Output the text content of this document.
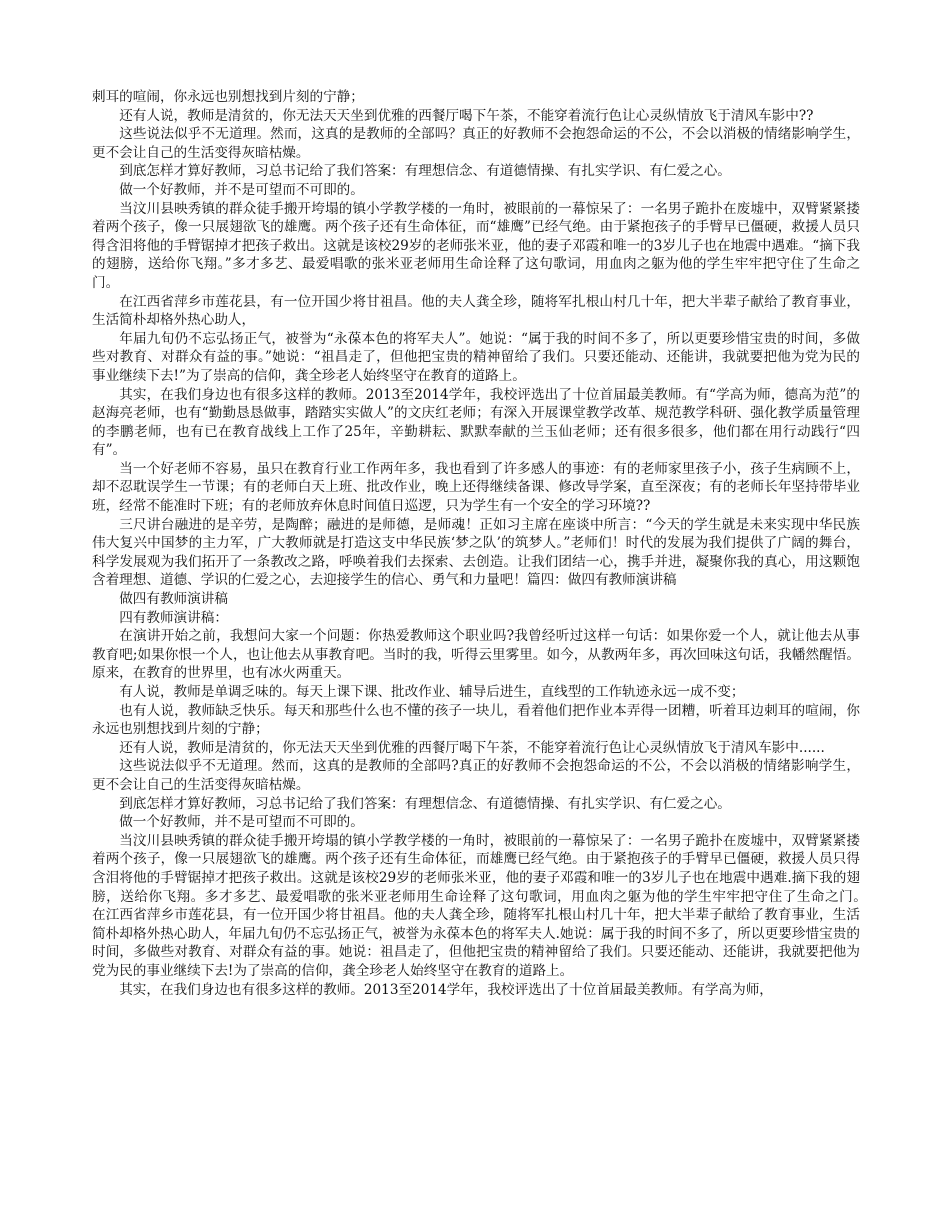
刺耳的喧闹，你永远也别想找到片刻的宁静；

还有人说，教师是清贫的，你无法天天坐到优雅的西餐厅喝下午茶，不能穿着流行色让心灵纵情放飞于清风车影中??

这些说法似乎不无道理。然而，这真的是教师的全部吗？真正的好教师不会抱怨命运的不公，不会以消极的情绪影响学生，更不会让自己的生活变得灰暗枯燥。

到底怎样才算好教师，习总书记给了我们答案：有理想信念、有道德情操、有扎实学识、有仁爱之心。

做一个好教师，并不是可望而不可即的。

当汶川县映秀镇的群众徒手搬开垮塌的镇小学教学楼的一角时，被眼前的一幕惊呆了：一名男子跪扑在废墟中，双臂紧紧搂着两个孩子，像一只展翅欲飞的雄鹰。两个孩子还有生命体征，而“雄鹰”已经气绝。由于紧抱孩子的手臂早已僵硬，救援人员只得含泪将他的手臂锯掉才把孩子救出。这就是该校29岁的老师张米亚，他的妻子邓霞和唯一的3岁儿子也在地震中遇难。“摘下我的翅膀，送给你飞翔。”多才多艺、最爱唱歌的张米亚老师用生命诠释了这句歌词，用血肉之躯为他的学生牢牢把守住了生命之门。

在江西省萍乡市莲花县，有一位开国少将甘祖昌。他的夫人龚全珍，随将军扎根山村几十年，把大半辈子献给了教育事业，生活简朴却格外热心助人，

年届九旬仍不忘弘扬正气，被誉为“永葆本色的将军夫人”。她说：“属于我的时间不多了，所以更要珍惜宝贵的时间，多做些对教育、对群众有益的事。”她说：“祖昌走了，但他把宝贵的精神留给了我们。只要还能动、还能讲，我就要把他为党为民的事业继续下去!”为了崇高的信仰，龚全珍老人始终坚守在教育的道路上。

其实，在我们身边也有很多这样的教师。2013至2014学年，我校评选出了十位首届最美教师。有“学高为师，德高为范”的赵海亮老师，也有“勤勤恳恳做事，踏踏实实做人”的文庆红老师；有深入开展课堂教学改革、规范教学科研、强化教学质量管理的李鹏老师，也有已在教育战线上工作了25年，辛勤耕耘、默默奉献的兰玉仙老师；还有很多很多，他们都在用行动践行“四有”。

当一个好老师不容易，虽只在教育行业工作两年多，我也看到了许多感人的事迹：有的老师家里孩子小，孩子生病顾不上，却不忍耽误学生一节课；有的老师白天上班、批改作业，晚上还得继续备课、修改导学案，直至深夜；有的老师长年坚持带毕业班，经常不能准时下班；有的老师放弃休息时间值日巡逻，只为学生有一个安全的学习环境??

三尺讲台融进的是辛劳，是陶醉；融进的是师德，是师魂！正如习主席在座谈中所言：“今天的学生就是未来实现中华民族伟大复兴中国梦的主力军，广大教师就是打造这支中华民族‘梦之队’的筑梦人。”老师们！时代的发展为我们提供了广阔的舞台，科学发展观为我们拓开了一条教改之路，呼唤着我们去探索、去创造。让我们团结一心，携手并进，凝聚你我的真心，用这颗饱含着理想、道德、学识的仁爱之心，去迎接学生的信心、勇气和力量吧！篇四：做四有教师演讲稿

做四有教师演讲稿

四有教师演讲稿：

在演讲开始之前，我想问大家一个问题：你热爱教师这个职业吗?我曾经听过这样一句话：如果你爱一个人，就让他去从事教育吧;如果你恨一个人，也让他去从事教育吧。当时的我，听得云里雾里。如今，从教两年多，再次回味这句话，我幡然醒悟。原来，在教育的世界里，也有冰火两重天。

有人说，教师是单调乏味的。每天上课下课、批改作业、辅导后进生，直线型的工作轨迹永远一成不变；

也有人说，教师缺乏快乐。每天和那些什么也不懂的孩子一块儿，看着他们把作业本弄得一团糟，听着耳边刺耳的喧闹，你永远也别想找到片刻的宁静；

还有人说，教师是清贫的，你无法天天坐到优雅的西餐厅喝下午茶，不能穿着流行色让心灵纵情放飞于清风车影中......

这些说法似乎不无道理。然而，这真的是教师的全部吗?真正的好教师不会抱怨命运的不公，不会以消极的情绪影响学生，更不会让自己的生活变得灰暗枯燥。

到底怎样才算好教师，习总书记给了我们答案：有理想信念、有道德情操、有扎实学识、有仁爱之心。

做一个好教师，并不是可望而不可即的。

当汶川县映秀镇的群众徒手搬开垮塌的镇小学教学楼的一角时，被眼前的一幕惊呆了：一名男子跪扑在废墟中，双臂紧紧搂着两个孩子，像一只展翅欲飞的雄鹰。两个孩子还有生命体征，而雄鹰已经气绝。由于紧抱孩子的手臂早已僵硬，救援人员只得含泪将他的手臂锯掉才把孩子救出。这就是该校29岁的老师张米亚，他的妻子邓霞和唯一的3岁儿子也在地震中遇难.摘下我的翅膀，送给你飞翔。多才多艺、最爱唱歌的张米亚老师用生命诠释了这句歌词，用血肉之躯为他的学生牢牢把守住了生命之门。　　在江西省萍乡市莲花县，有一位开国少将甘祖昌。他的夫人龚全珍，随将军扎根山村几十年，把大半辈子献给了教育事业，生活简朴却格外热心助人，年届九旬仍不忘弘扬正气，被誉为永葆本色的将军夫人.她说：属于我的时间不多了，所以更要珍惜宝贵的时间，多做些对教育、对群众有益的事。她说：祖昌走了，但他把宝贵的精神留给了我们。只要还能动、还能讲，我就要把他为党为民的事业继续下去!为了崇高的信仰，龚全珍老人始终坚守在教育的道路上。

其实，在我们身边也有很多这样的教师。2013至2014学年，我校评选出了十位首届最美教师。有学高为师，
